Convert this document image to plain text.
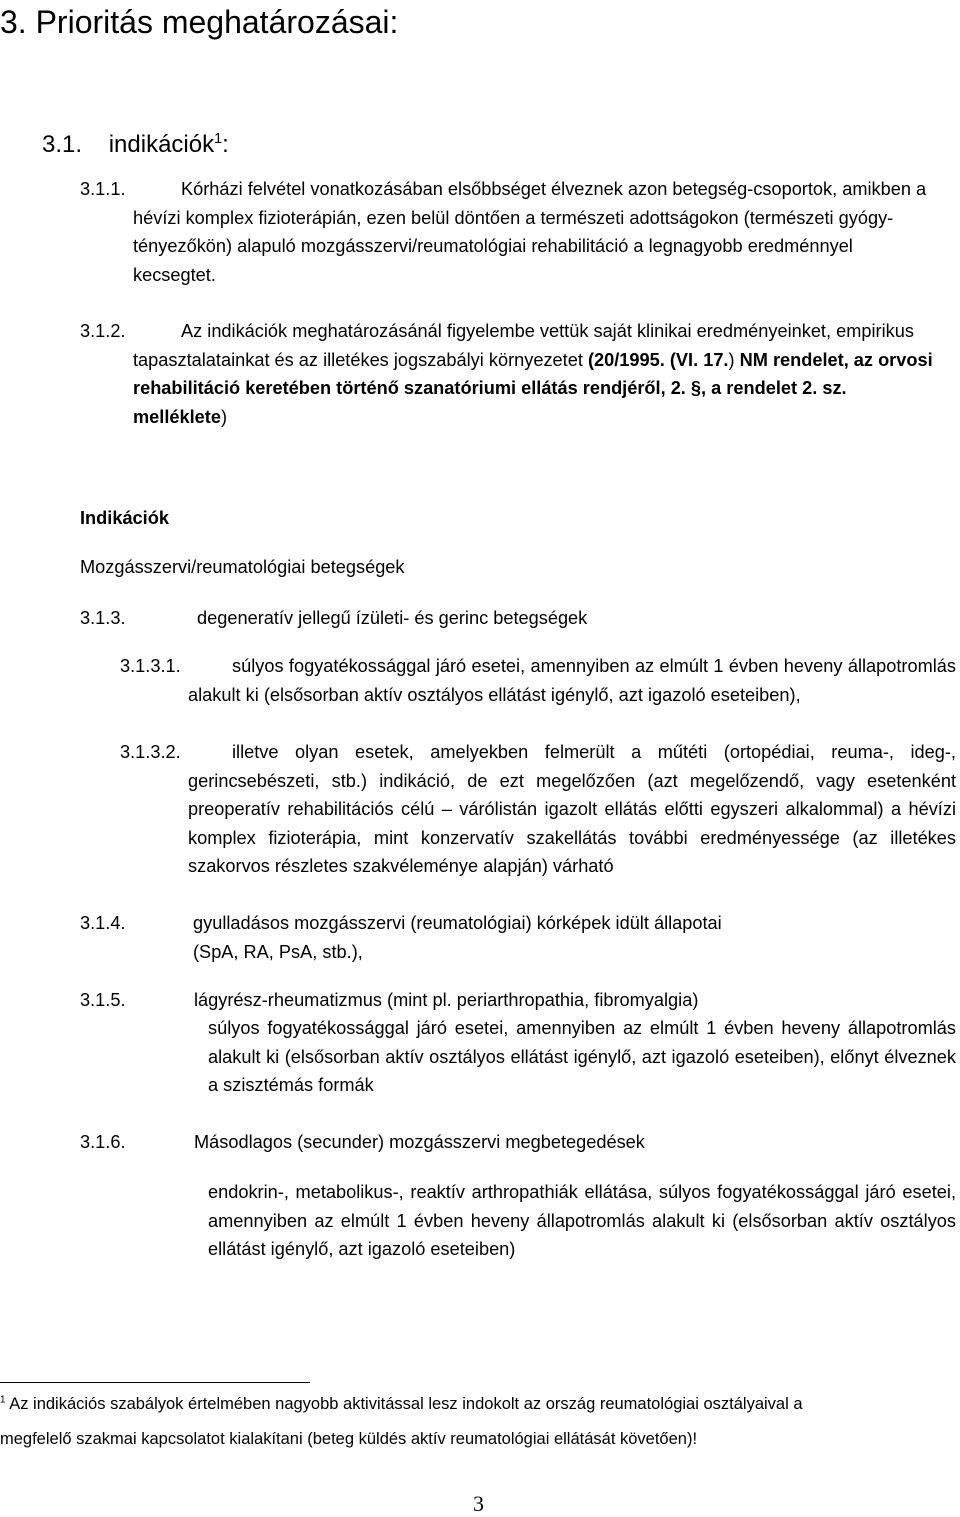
3. Prioritás meghatározásai:
3.1. indikációk$^1$:
3.1.1.	Kórházi felvétel vonatkozásában elsőbbséget élveznek azon betegség-csoportok, amikben a hévízi komplex fizioterápián, ezen belül döntően a természeti adottságokon (természeti gyógy-tényezőkön) alapuló mozgásszervi/reumatológiai rehabilitáció a legnagyobb eredménnyel kecsegtet.
3.1.2.	Az indikációk meghatározásánál figyelembe vettük saját klinikai eredményeinket, empirikus tapasztalatainkat és az illetékes jogszabályi környezetet (20/1995. (VI. 17.) NM rendelet, az orvosi rehabilitáció keretében történő szanatóriumi ellátás rendjéről, 2. §, a rendelet 2. sz. melléklete)
Indikációk
Mozgásszervi/reumatológiai betegségek
3.1.3.	degeneratív jellegű ízületi- és gerinc betegségek
3.1.3.1.	súlyos fogyatékossággal járó esetei, amennyiben az elmúlt 1 évben heveny állapotromlás alakult ki (elsősorban aktív osztályos ellátást igénylő, azt igazoló eseteiben),
3.1.3.2.	illetve olyan esetek, amelyekben felmerült a műtéti (ortopédiai, reuma-, ideg-, gerincsebészeti, stb.) indikáció, de ezt megelőzően (azt megelőzendő, vagy esetenként preoperatív rehabilitációs célú – várólistán igazolt ellátás előtti egyszeri alkalommal) a hévízi komplex fizioterápia, mint konzervatív szakellátás további eredményessége (az illetékes szakorvos részletes szakvéleménye alapján) várható
3.1.4.	gyulladásos mozgásszervi (reumatológiai) kórképek idült állapotai
(SpA, RA, PsA, stb.),
3.1.5.	lágyrész-rheumatizmus (mint pl. periarthropathia, fibromyalgia)
súlyos fogyatékossággal járó esetei, amennyiben az elmúlt 1 évben heveny állapotromlás alakult ki (elsősorban aktív osztályos ellátást igénylő, azt igazoló eseteiben), előnyt élveznek a szisztémás formák
3.1.6.	Másodlagos (secunder) mozgásszervi megbetegedések
endokrin-, metabolikus-, reaktív arthropathiák ellátása, súlyos fogyatékossággal járó esetei, amennyiben az elmúlt 1 évben heveny állapotromlás alakult ki (elsősorban aktív osztályos ellátást igénylő, azt igazoló eseteiben)
$^1$ Az indikációs szabályok értelmében nagyobb aktivitással lesz indokolt az ország reumatológiai osztályaival a
megfelelő szakmai kapcsolatot kialakítani (beteg küldés aktív reumatológiai ellátását követően)!
3
